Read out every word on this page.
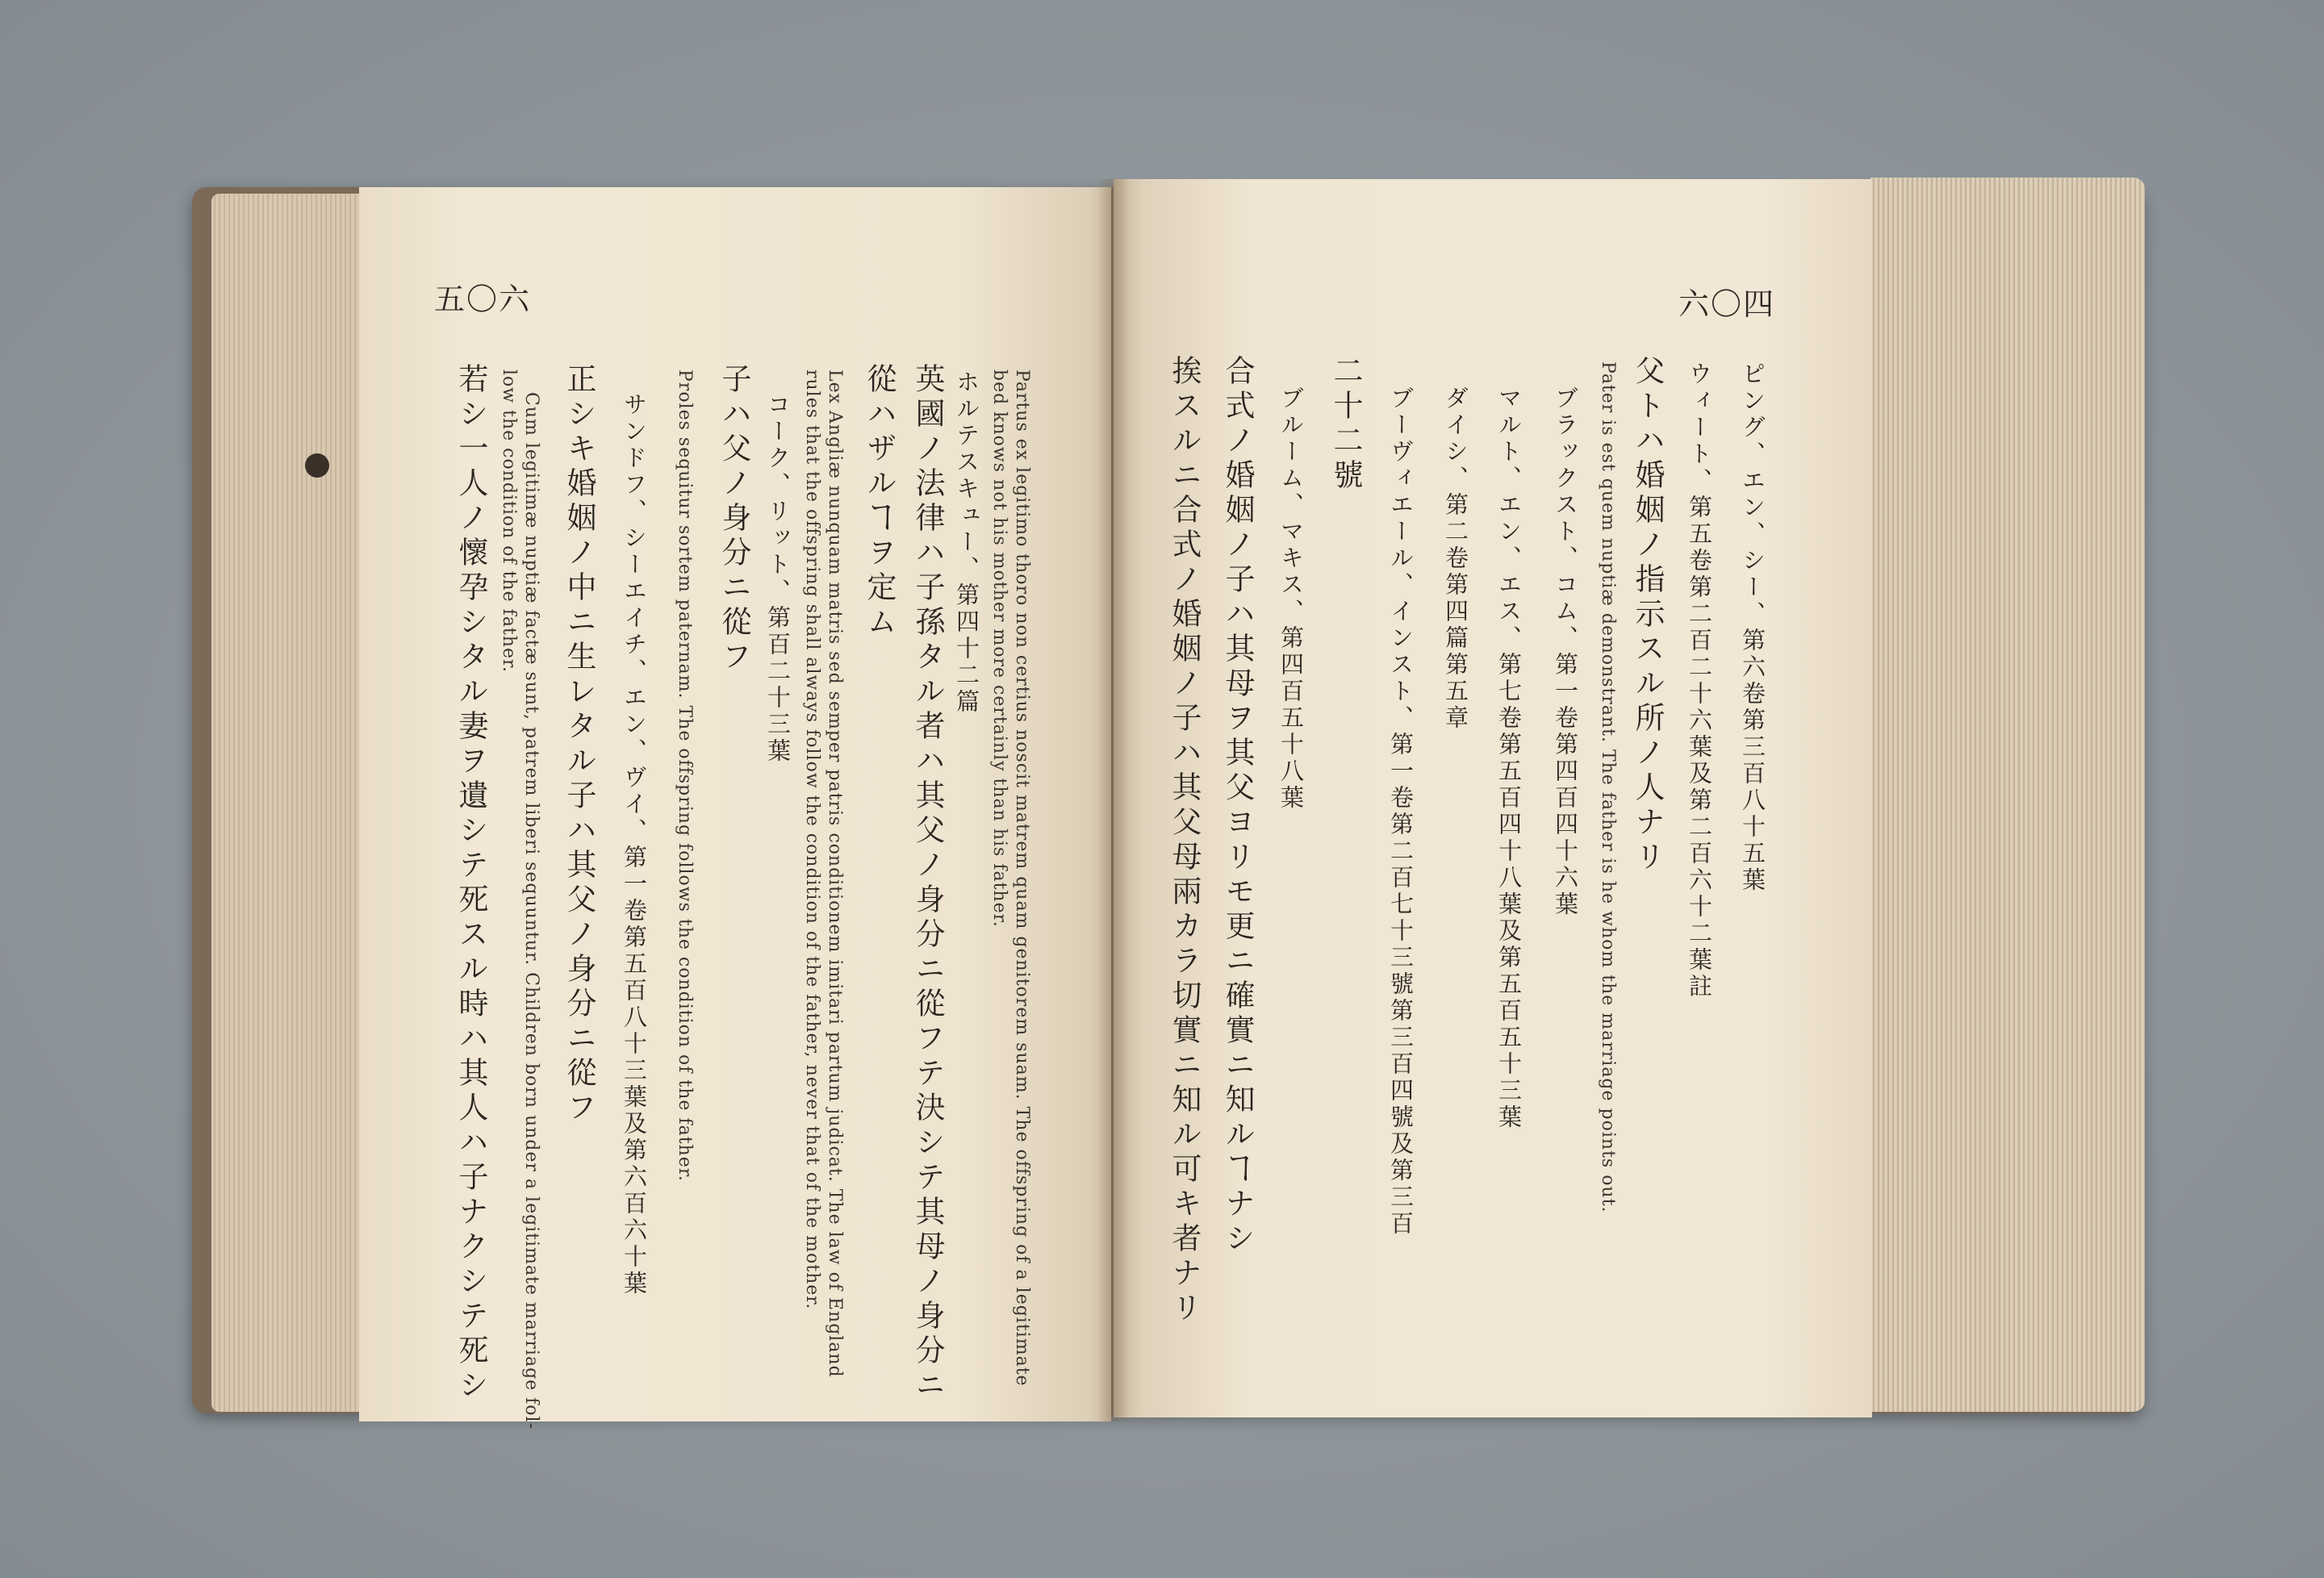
五〇六
Partus ex legitimo thoro non certius noscit matrem quam genitorem suam. The offspring of a legitimate
bed knows not his mother more certainly than his father.
ホルテスキュー、第四十二篇
英國ノ法律ハ子孫タル者ハ其父ノ身分ニ從フテ決シテ其母ノ身分ニ
從ハザルヿヲ定ム
Lex Angliæ nunquam matris sed semper patris conditionem imitari partum judicat. The law of England
rules that the offspring shall always follow the condition of the father, never that of the mother.
コーク、リット、第百二十三葉
子ハ父ノ身分ニ從フ
Proles sequitur sortem paternam. The offspring follows the condition of the father.
サンドフ、シーエイチ、エン、ヴイ、第一卷第五百八十三葉及第六百六十葉
正シキ婚姻ノ中ニ生レタル子ハ其父ノ身分ニ從フ
Cum legitimæ nuptiæ factæ sunt, patrem liberi sequuntur. Children born under a legitimate marriage fol-
low the condition of the father.
若シ一人ノ懷孕シタル妻ヲ遺シテ死スル時ハ其人ハ子ナクシテ死シ
六〇四
ピング、エン、シー、第六卷第三百八十五葉
ウィート、第五卷第二百二十六葉及第二百六十二葉註
父トハ婚姻ノ指示スル所ノ人ナリ
Pater is est quem nuptiæ demonstrant. The father is he whom the marriage points out.
ブラックスト、コム、第一卷第四百四十六葉
マルト、エン、エス、第七卷第五百四十八葉及第五百五十三葉
ダイシ、第二卷第四篇第五章
ブーヴィエール、インスト、第一卷第二百七十三號第三百四號及第三百
二十二號
ブルーム、マキス、第四百五十八葉
合式ノ婚姻ノ子ハ其母ヲ其父ヨリモ更ニ確實ニ知ルヿナシ
挨スルニ合式ノ婚姻ノ子ハ其父母兩カラ切實ニ知ル可キ者ナリ
